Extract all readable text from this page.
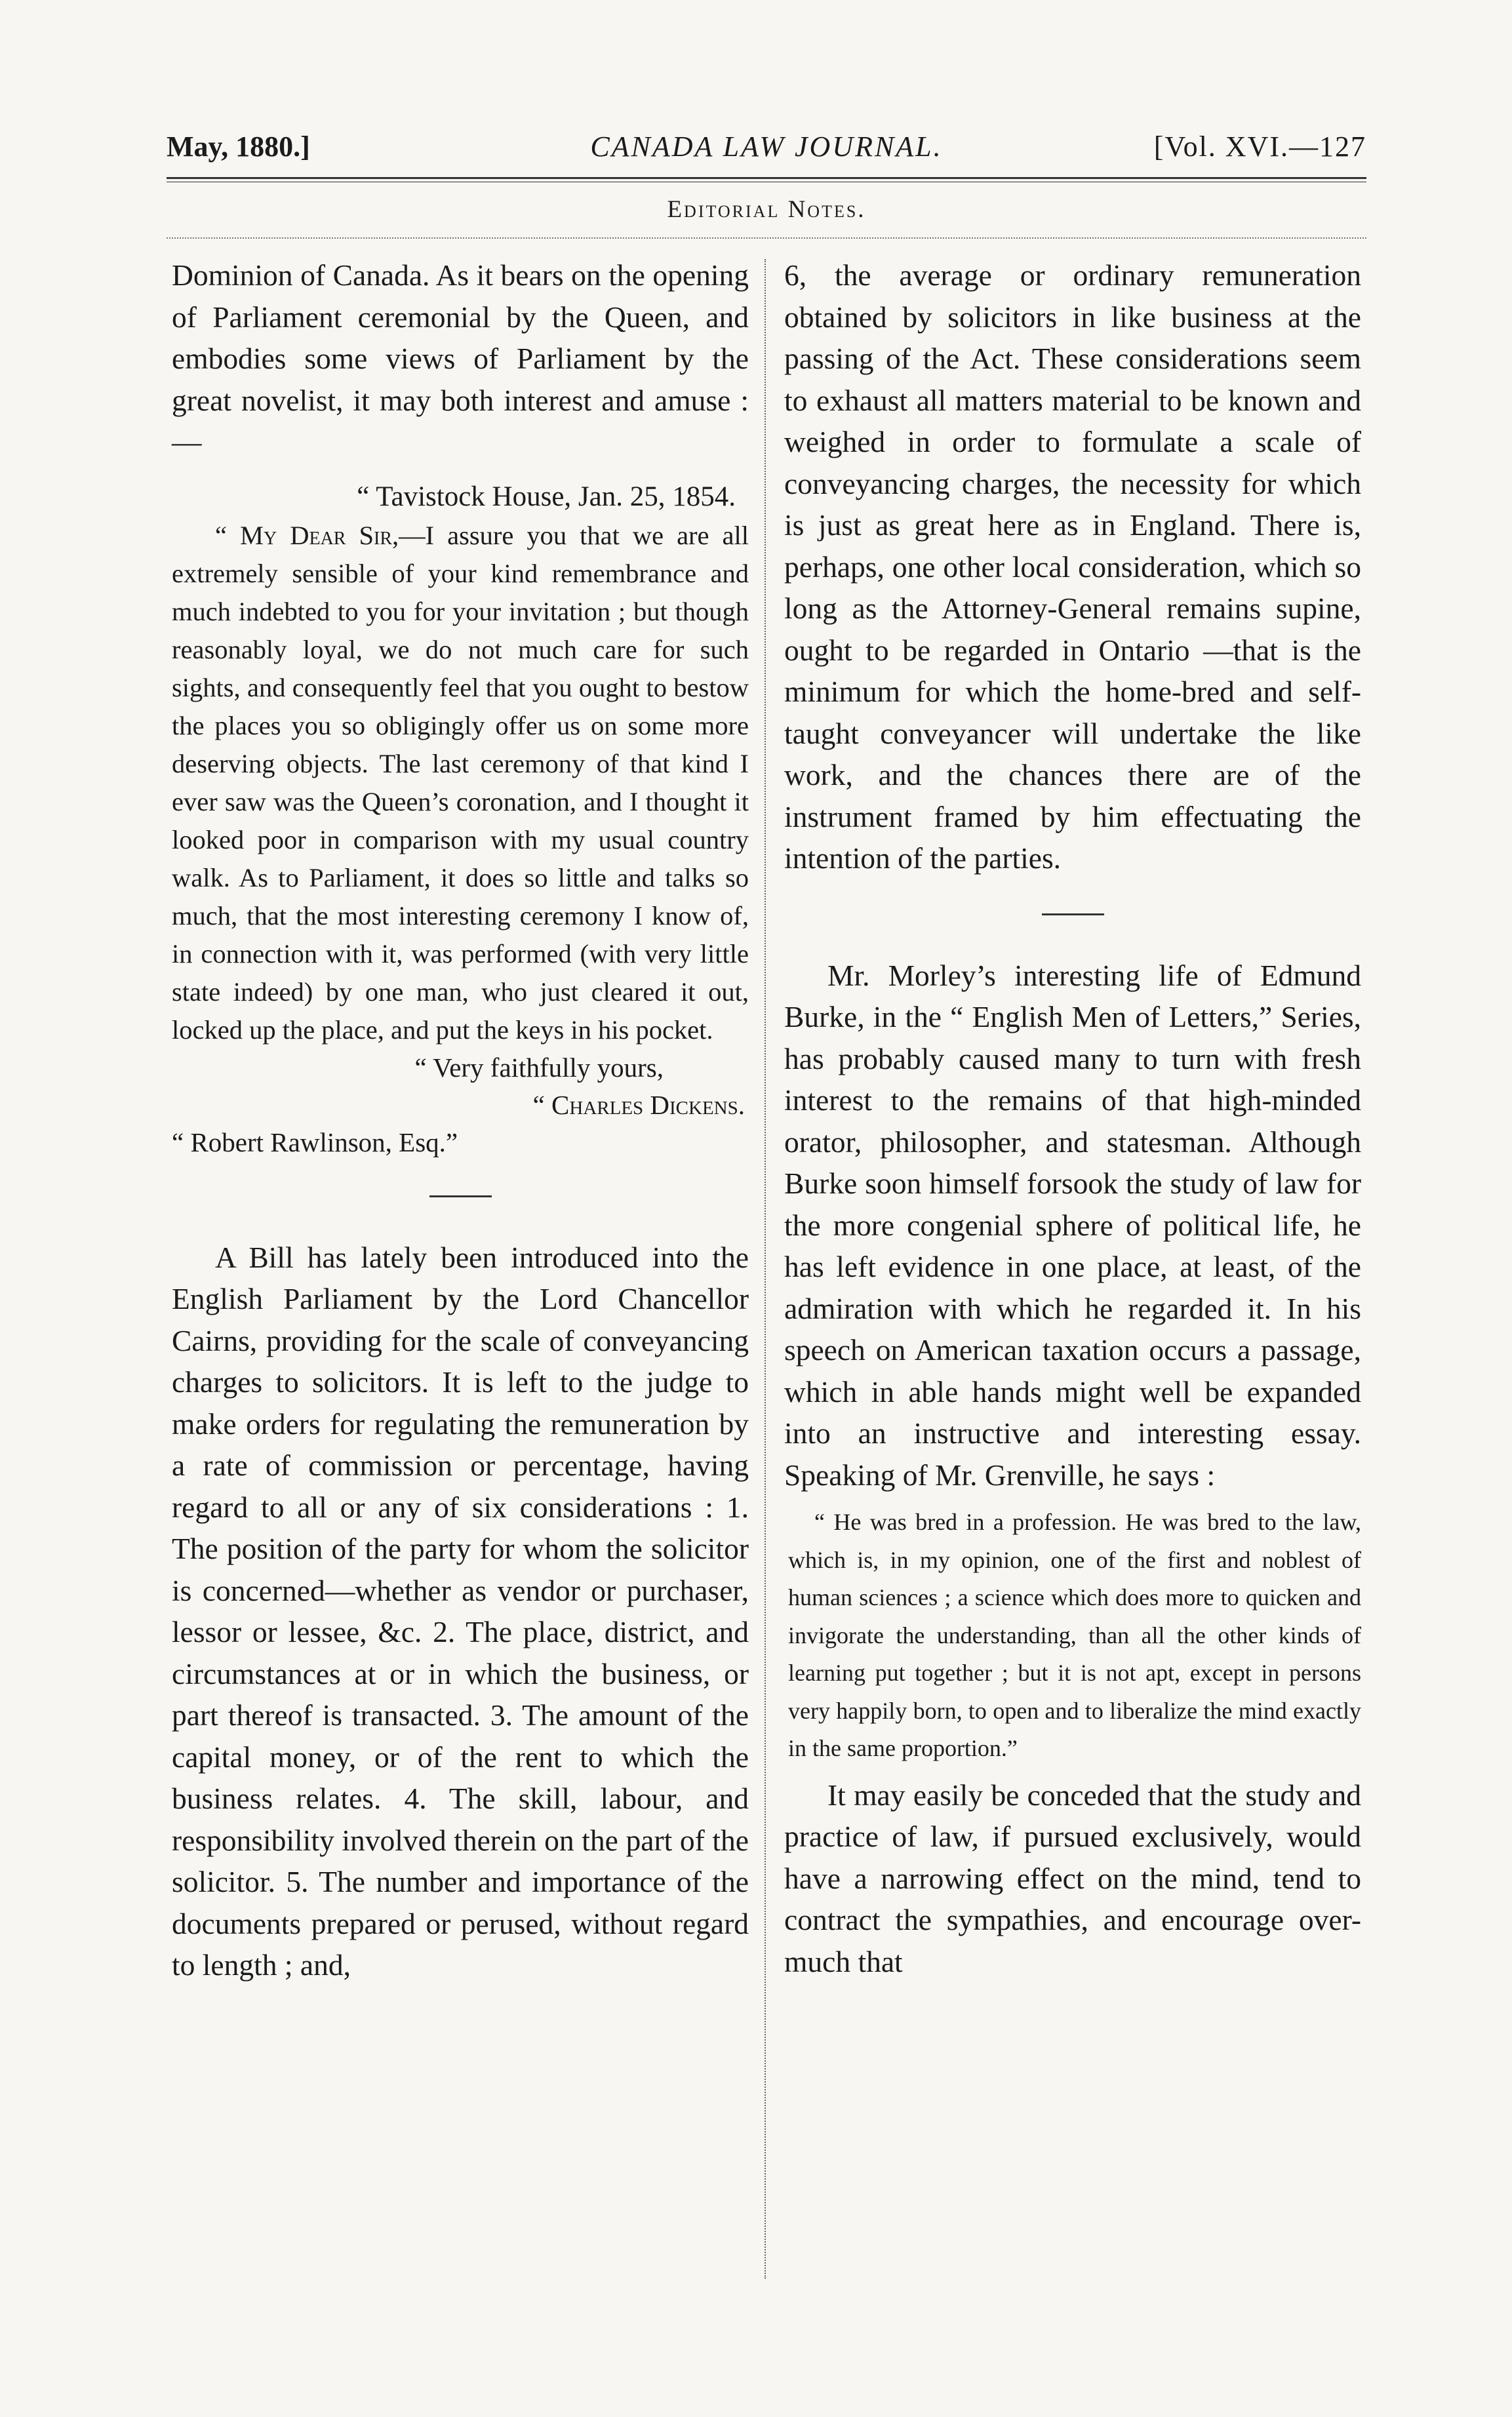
May, 1880.]	CANADA LAW JOURNAL.	[Vol. XVI.—127
Editorial Notes.

Dominion of Canada. As it bears on the opening of Parliament ceremonial by the Queen, and embodies some views of Parliament by the great novelist, it may both interest and amuse :—

“ Tavistock House, Jan. 25, 1854.

“ My Dear Sir,—I assure you that we are all extremely sensible of your kind remembrance and much indebted to you for your invitation ; but though reasonably loyal, we do not much care for such sights, and consequently feel that you ought to bestow the places you so obligingly offer us on some more deserving objects. The last ceremony of that kind I ever saw was the Queen’s coronation, and I thought it looked poor in comparison with my usual country walk. As to Parliament, it does so little and talks so much, that the most interesting ceremony I know of, in connection with it, was performed (with very little state indeed) by one man, who just cleared it out, locked up the place, and put the keys in his pocket.

“ Very faithfully yours,

“ Charles Dickens.

“ Robert Rawlinson, Esq.”

A Bill has lately been introduced into the English Parliament by the Lord Chancellor Cairns, providing for the scale of conveyancing charges to solicitors. It is left to the judge to make orders for regulating the remuneration by a rate of commission or percentage, having regard to all or any of six considerations : 1. The position of the party for whom the solicitor is concerned—whether as vendor or purchaser, lessor or lessee, &c. 2. The place, district, and circumstances at or in which the business, or part thereof is transacted. 3. The amount of the capital money, or of the rent to which the business relates. 4. The skill, labour, and responsibility involved therein on the part of the solicitor. 5. The number and importance of the documents prepared or perused, without regard to length ; and,

6, the average or ordinary remuneration obtained by solicitors in like business at the passing of the Act. These considerations seem to exhaust all matters material to be known and weighed in order to formulate a scale of conveyancing charges, the necessity for which is just as great here as in England. There is, perhaps, one other local consideration, which so long as the Attorney-General remains supine, ought to be regarded in Ontario —that is the minimum for which the home-bred and self-taught conveyancer will undertake the like work, and the chances there are of the instrument framed by him effectuating the intention of the parties.

Mr. Morley’s interesting life of Edmund Burke, in the “ English Men of Letters,” Series, has probably caused many to turn with fresh interest to the remains of that high-minded orator, philosopher, and statesman. Although Burke soon himself forsook the study of law for the more congenial sphere of political life, he has left evidence in one place, at least, of the admiration with which he regarded it. In his speech on American taxation occurs a passage, which in able hands might well be expanded into an instructive and interesting essay. Speaking of Mr. Grenville, he says :

“ He was bred in a profession. He was bred to the law, which is, in my opinion, one of the first and noblest of human sciences ; a science which does more to quicken and invigorate the understanding, than all the other kinds of learning put together ; but it is not apt, except in persons very happily born, to open and to liberalize the mind exactly in the same proportion.”

It may easily be conceded that the study and practice of law, if pursued exclusively, would have a narrowing effect on the mind, tend to contract the sympathies, and encourage over-much that
